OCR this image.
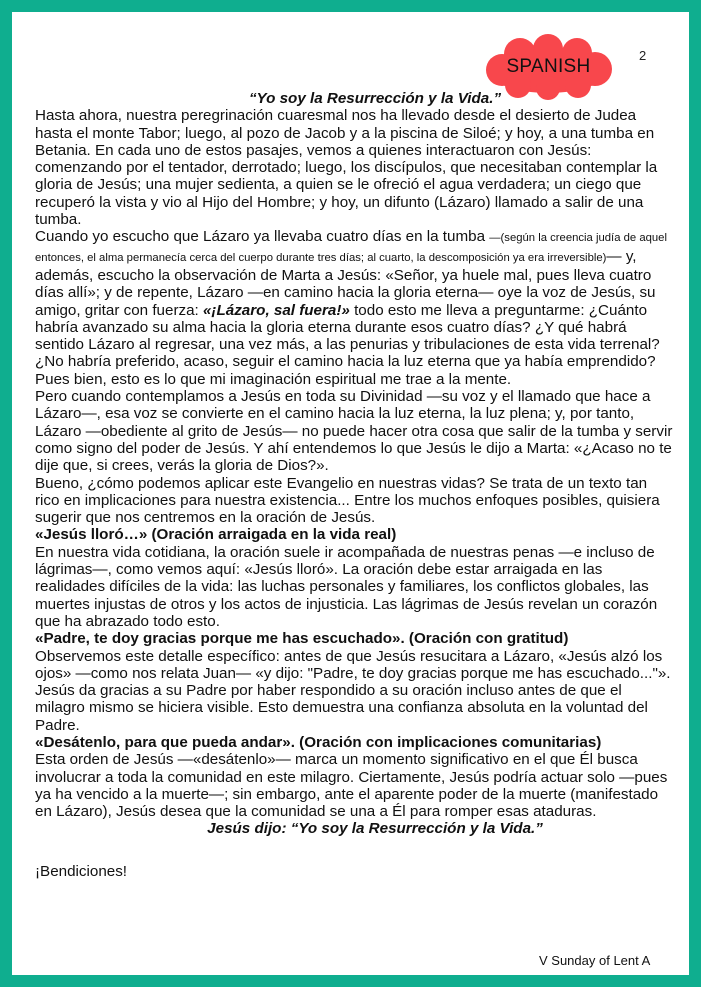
SPANISH
2

“Yo soy la Resurrección y la Vida.”

Hasta ahora, nuestra peregrinación cuaresmal nos ha llevado desde el desierto de Judea hasta el monte Tabor; luego, al pozo de Jacob y a la piscina de Siloé; y hoy, a una tumba en Betania. En cada uno de estos pasajes, vemos a quienes interactuaron con Jesús: comenzando por el tentador, derrotado; luego, los discípulos, que necesitaban contemplar la gloria de Jesús; una mujer sedienta, a quien se le ofreció el agua verdadera; un ciego que recuperó la vista y vio al Hijo del Hombre; y hoy, un difunto (Lázaro) llamado a salir de una tumba.

Cuando yo escucho que Lázaro ya llevaba cuatro días en la tumba —(según la creencia judía de aquel entonces, el alma permanecía cerca del cuerpo durante tres días; al cuarto, la descomposición ya era irreversible)— y, además, escucho la observación de Marta a Jesús: «Señor, ya huele mal, pues lleva cuatro días allí»; y de repente, Lázaro —en camino hacia la gloria eterna— oye la voz de Jesús, su amigo, gritar con fuerza: «¡Lázaro, sal fuera!» todo esto me lleva a preguntarme: ¿Cuánto habría avanzado su alma hacia la gloria eterna durante esos cuatro días? ¿Y qué habrá sentido Lázaro al regresar, una vez más, a las penurias y tribulaciones de esta vida terrenal? ¿No habría preferido, acaso, seguir el camino hacia la luz eterna que ya había emprendido? Pues bien, esto es lo que mi imaginación espiritual me trae a la mente.

Pero cuando contemplamos a Jesús en toda su Divinidad —su voz y el llamado que hace a Lázaro—, esa voz se convierte en el camino hacia la luz eterna, la luz plena; y, por tanto, Lázaro —obediente al grito de Jesús— no puede hacer otra cosa que salir de la tumba y servir como signo del poder de Jesús. Y ahí entendemos lo que Jesús le dijo a Marta: «¿Acaso no te dije que, si crees, verás la gloria de Dios?».

Bueno, ¿cómo podemos aplicar este Evangelio en nuestras vidas? Se trata de un texto tan rico en implicaciones para nuestra existencia... Entre los muchos enfoques posibles, quisiera sugerir que nos centremos en la oración de Jesús.

«Jesús lloró…» (Oración arraigada en la vida real)

En nuestra vida cotidiana, la oración suele ir acompañada de nuestras penas —e incluso de lágrimas—, como vemos aquí: «Jesús lloró». La oración debe estar arraigada en las realidades difíciles de la vida: las luchas personales y familiares, los conflictos globales, las muertes injustas de otros y los actos de injusticia. Las lágrimas de Jesús revelan un corazón que ha abrazado todo esto.

«Padre, te doy gracias porque me has escuchado». (Oración con gratitud)

Observemos este detalle específico: antes de que Jesús resucitara a Lázaro, «Jesús alzó los ojos» —como nos relata Juan— «y dijo: "Padre, te doy gracias porque me has escuchado..."». Jesús da gracias a su Padre por haber respondido a su oración incluso antes de que el milagro mismo se hiciera visible. Esto demuestra una confianza absoluta en la voluntad del Padre.

«Desátenlo, para que pueda andar». (Oración con implicaciones comunitarias)

Esta orden de Jesús —«desátenlo»— marca un momento significativo en el que Él busca involucrar a toda la comunidad en este milagro. Ciertamente, Jesús podría actuar solo —pues ya ha vencido a la muerte—; sin embargo, ante el aparente poder de la muerte (manifestado en Lázaro), Jesús desea que la comunidad se una a Él para romper esas ataduras.

Jesús dijo: “Yo soy la Resurrección y la Vida.”

¡Bendiciones!

V Sunday of Lent A
